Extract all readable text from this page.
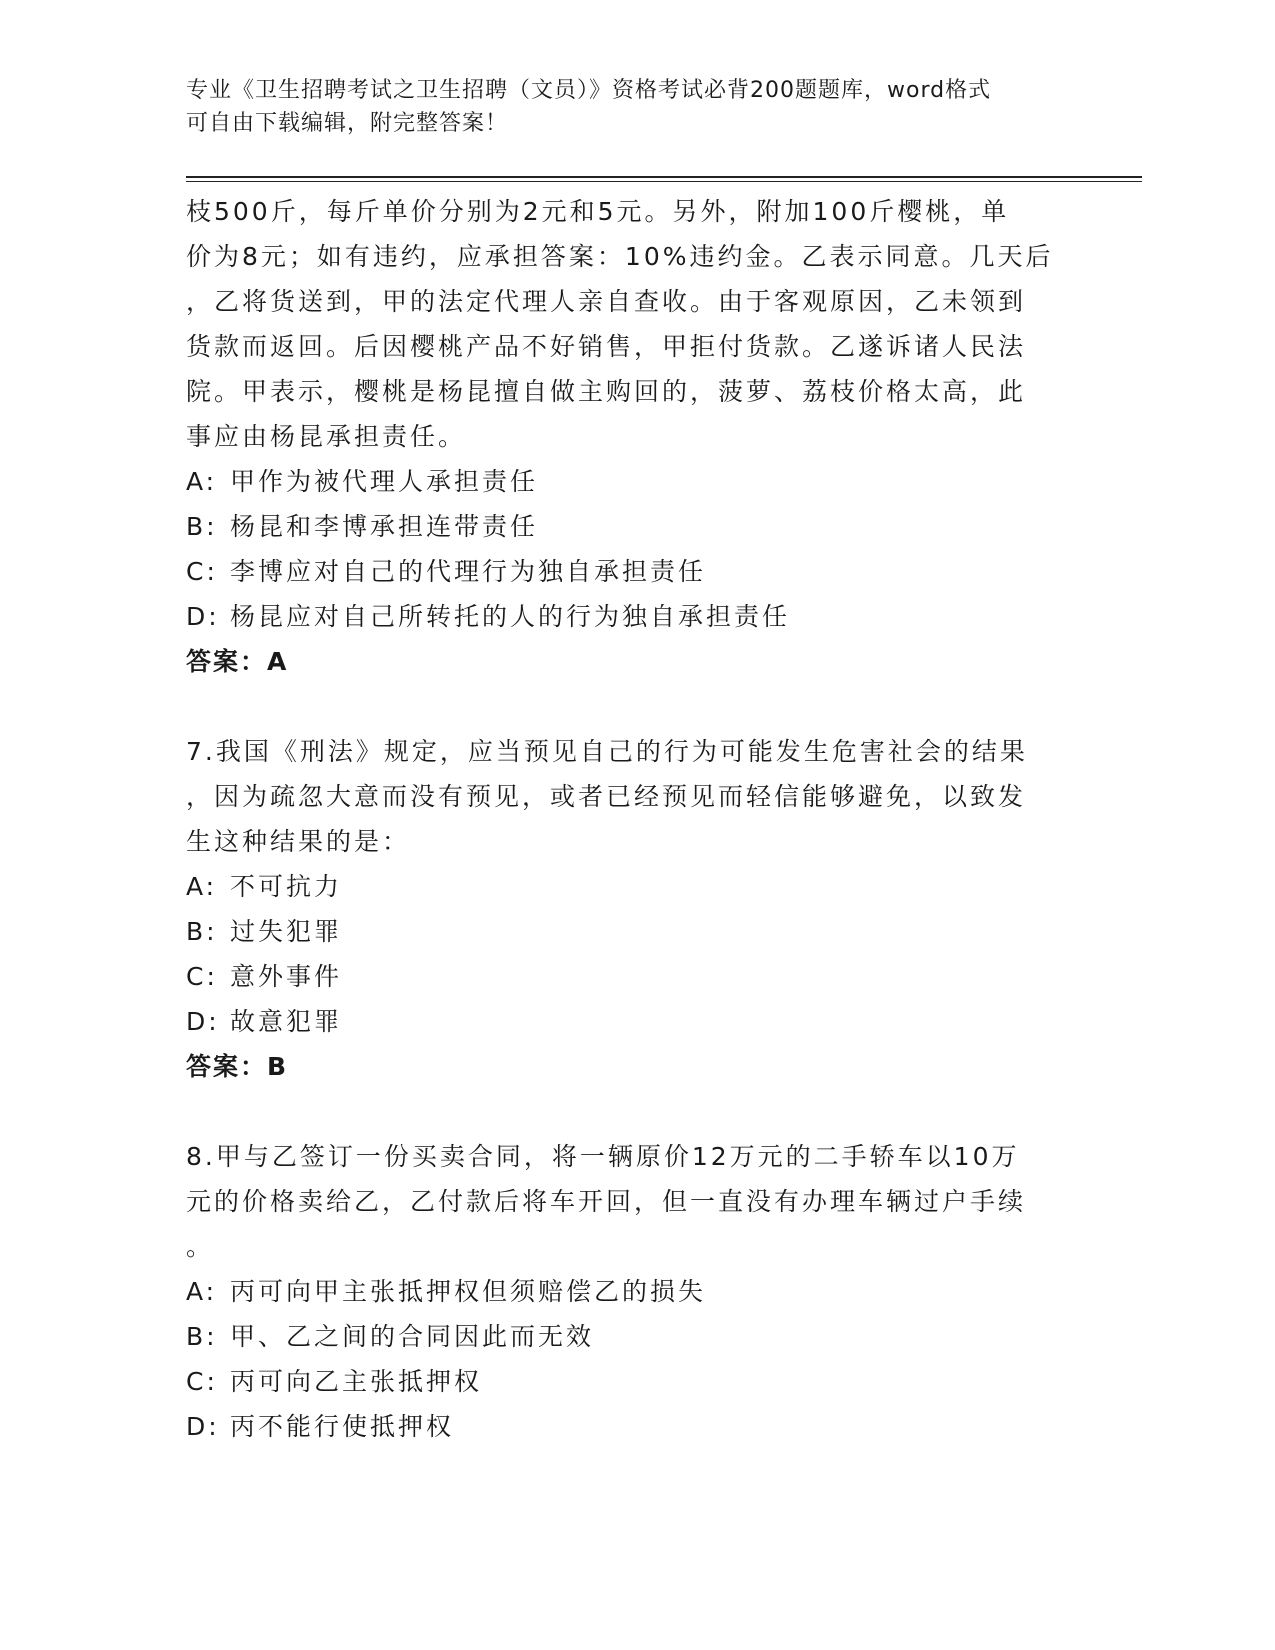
专业《卫生招聘考试之卫生招聘（文员）》资格考试必背200题题库，word格式
可自由下载编辑，附完整答案！
枝500斤，每斤单价分别为2元和5元。另外，附加100斤樱桃，单
价为8元；如有违约，应承担答案：10%违约金。乙表示同意。几天后
，乙将货送到，甲的法定代理人亲自查收。由于客观原因，乙未领到
货款而返回。后因樱桃产品不好销售，甲拒付货款。乙遂诉诸人民法
院。甲表示，樱桃是杨昆擅自做主购回的，菠萝、荔枝价格太高，此
事应由杨昆承担责任。
A: 甲作为被代理人承担责任
B: 杨昆和李博承担连带责任
C: 李博应对自己的代理行为独自承担责任
D: 杨昆应对自己所转托的人的行为独自承担责任
答案：A
7.我国《刑法》规定，应当预见自己的行为可能发生危害社会的结果
，因为疏忽大意而没有预见，或者已经预见而轻信能够避免，以致发
生这种结果的是：
A: 不可抗力
B: 过失犯罪
C: 意外事件
D: 故意犯罪
答案：B
8.甲与乙签订一份买卖合同，将一辆原价12万元的二手轿车以10万
元的价格卖给乙，乙付款后将车开回，但一直没有办理车辆过户手续
。
A: 丙可向甲主张抵押权但须赔偿乙的损失
B: 甲、乙之间的合同因此而无效
C: 丙可向乙主张抵押权
D: 丙不能行使抵押权
